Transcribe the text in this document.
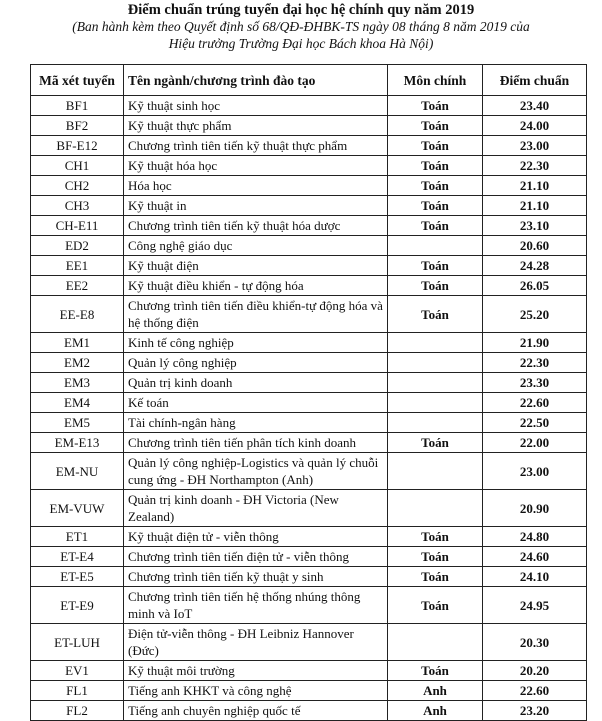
Điểm chuẩn trúng tuyển đại học hệ chính quy năm 2019
(Ban hành kèm theo Quyết định số 68/QĐ-ĐHBK-TS ngày 08 tháng 8 năm 2019 của
Hiệu trưởng Trường Đại học Bách khoa Hà Nội)
Mã xét tuyển	Tên ngành/chương trình đào tạo	Môn chính	Điểm chuẩn
BF1	Kỹ thuật sinh học	Toán	23.40
BF2	Kỹ thuật thực phẩm	Toán	24.00
BF-E12	Chương trình tiên tiến kỹ thuật thực phẩm	Toán	23.00
CH1	Kỹ thuật hóa học	Toán	22.30
CH2	Hóa học	Toán	21.10
CH3	Kỹ thuật in	Toán	21.10
CH-E11	Chương trình tiên tiến kỹ thuật hóa dược	Toán	23.10
ED2	Công nghệ giáo dục		20.60
EE1	Kỹ thuật điện	Toán	24.28
EE2	Kỹ thuật điều khiển - tự động hóa	Toán	26.05
EE-E8	Chương trình tiên tiến điều khiển-tự động hóa và hệ thống điện	Toán	25.20
EM1	Kinh tế công nghiệp		21.90
EM2	Quản lý công nghiệp		22.30
EM3	Quản trị kinh doanh		23.30
EM4	Kế toán		22.60
EM5	Tài chính-ngân hàng		22.50
EM-E13	Chương trình tiên tiến phân tích kinh doanh	Toán	22.00
EM-NU	Quản lý công nghiệp-Logistics và quản lý chuỗi cung ứng - ĐH Northampton (Anh)		23.00
EM-VUW	Quản trị kinh doanh - ĐH Victoria (New Zealand)		20.90
ET1	Kỹ thuật điện tử - viễn thông	Toán	24.80
ET-E4	Chương trình tiên tiến điện tử - viễn thông	Toán	24.60
ET-E5	Chương trình tiên tiến kỹ thuật y sinh	Toán	24.10
ET-E9	Chương trình tiên tiến hệ thống nhúng thông minh và IoT	Toán	24.95
ET-LUH	Điện tử-viễn thông - ĐH Leibniz Hannover (Đức)		20.30
EV1	Kỹ thuật môi trường	Toán	20.20
FL1	Tiếng anh KHKT và công nghệ	Anh	22.60
FL2	Tiếng anh chuyên nghiệp quốc tế	Anh	23.20
